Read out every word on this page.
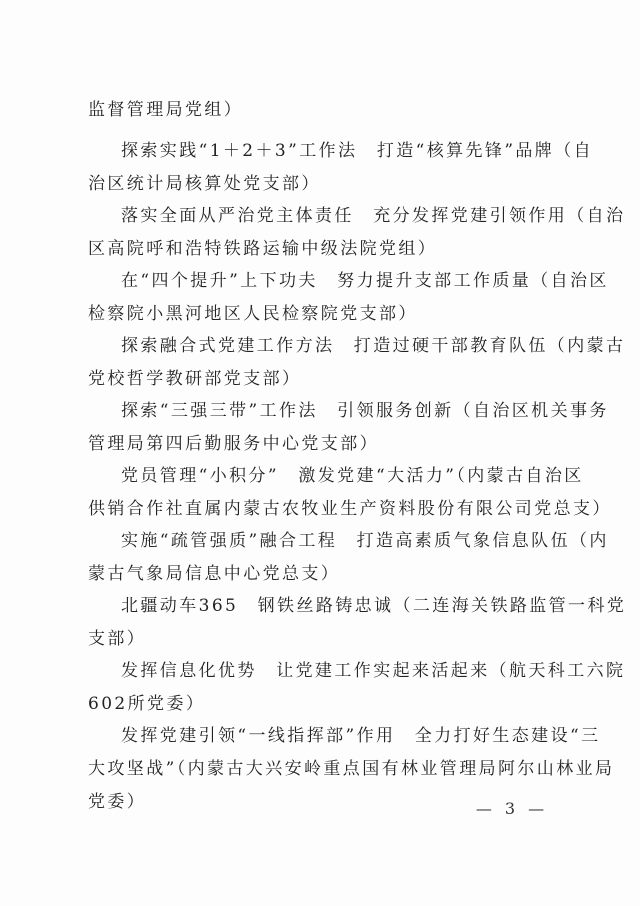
监督管理局党组）
探索实践“1＋2＋3”工作法　打造“核算先锋”品牌（自
治区统计局核算处党支部）
落实全面从严治党主体责任　充分发挥党建引领作用（自治
区高院呼和浩特铁路运输中级法院党组）
在“四个提升”上下功夫　努力提升支部工作质量（自治区
检察院小黑河地区人民检察院党支部）
探索融合式党建工作方法　打造过硬干部教育队伍（内蒙古
党校哲学教研部党支部）
探索“三强三带”工作法　引领服务创新（自治区机关事务
管理局第四后勤服务中心党支部）
党员管理“小积分”　激发党建“大活力”（内蒙古自治区
供销合作社直属内蒙古农牧业生产资料股份有限公司党总支）
实施“疏管强质”融合工程　打造高素质气象信息队伍（内
蒙古气象局信息中心党总支）
北疆动车365　钢铁丝路铸忠诚（二连海关铁路监管一科党
支部）
发挥信息化优势　让党建工作实起来活起来（航天科工六院
602所党委）
发挥党建引领“一线指挥部”作用　全力打好生态建设“三
大攻坚战”（内蒙古大兴安岭重点国有林业管理局阿尔山林业局
党委）	— 3 —
